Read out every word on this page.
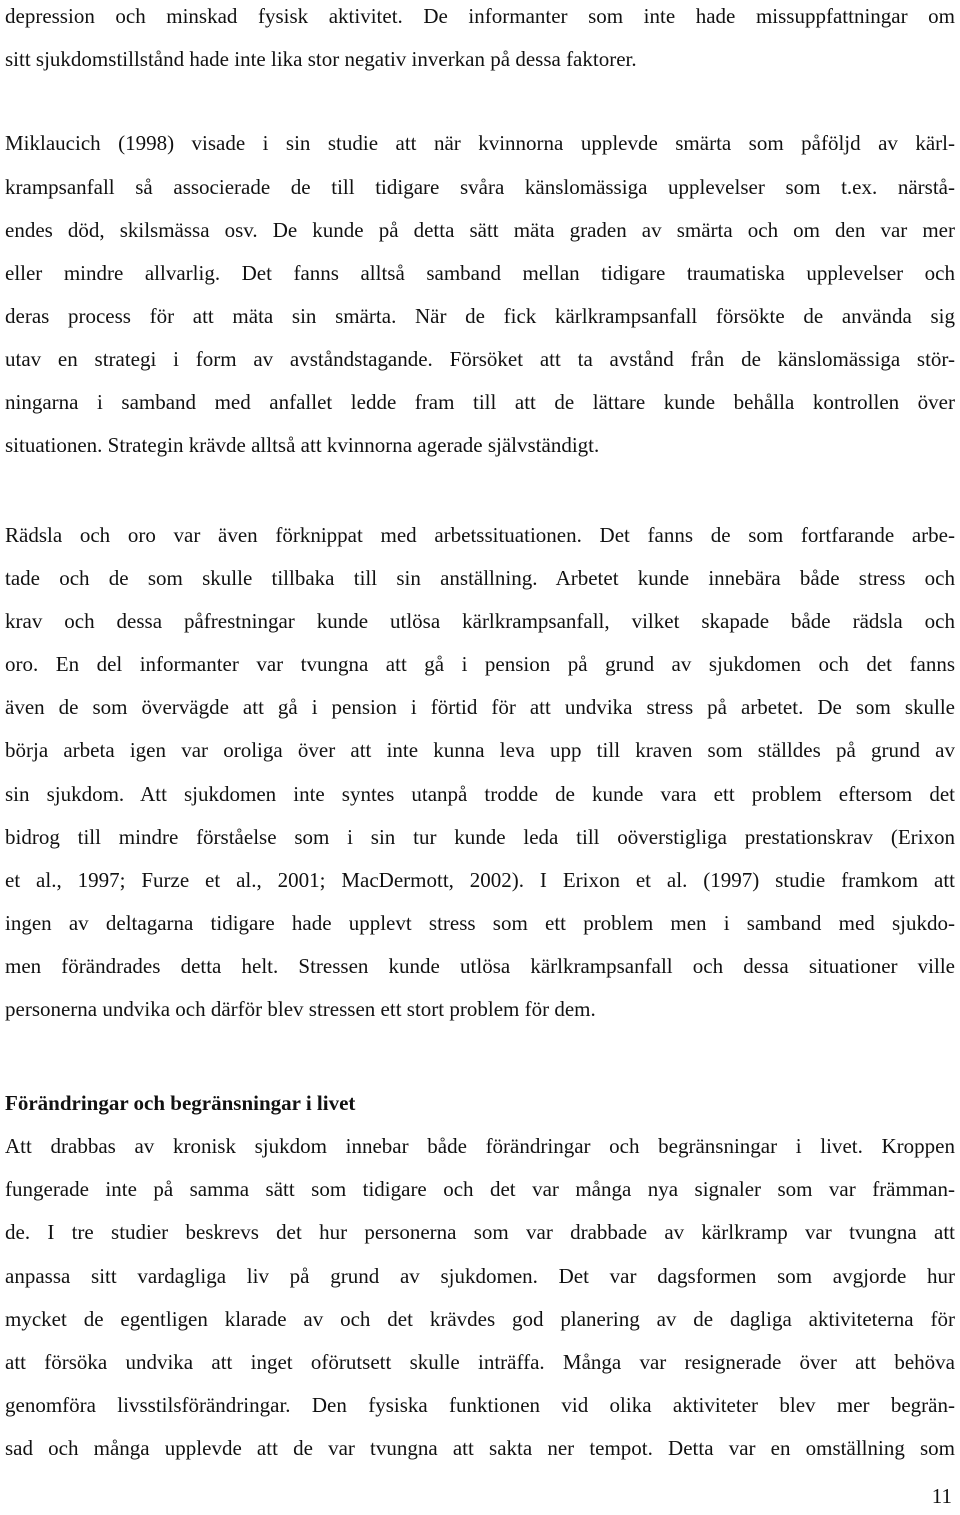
depression och minskad fysisk aktivitet. De informanter som inte hade missuppfattningar om
sitt sjukdomstillstånd hade inte lika stor negativ inverkan på dessa faktorer.
Miklaucich (1998) visade i sin studie att när kvinnorna upplevde smärta som påföljd av kärl-
krampsanfall så associerade de till tidigare svåra känslomässiga upplevelser som t.ex. närstå-
endes död, skilsmässa osv. De kunde på detta sätt mäta graden av smärta och om den var mer
eller mindre allvarlig. Det fanns alltså samband mellan tidigare traumatiska upplevelser och
deras process för att mäta sin smärta. När de fick kärlkrampsanfall försökte de använda sig
utav en strategi i form av avståndstagande. Försöket att ta avstånd från de känslomässiga stör-
ningarna i samband med anfallet ledde fram till att de lättare kunde behålla kontrollen över
situationen. Strategin krävde alltså att kvinnorna agerade självständigt.
Rädsla och oro var även förknippat med arbetssituationen. Det fanns de som fortfarande arbe-
tade och de som skulle tillbaka till sin anställning. Arbetet kunde innebära både stress och
krav och dessa påfrestningar kunde utlösa kärlkrampsanfall, vilket skapade både rädsla och
oro. En del informanter var tvungna att gå i pension på grund av sjukdomen och det fanns
även de som övervägde att gå i pension i förtid för att undvika stress på arbetet. De som skulle
börja arbeta igen var oroliga över att inte kunna leva upp till kraven som ställdes på grund av
sin sjukdom. Att sjukdomen inte syntes utanpå trodde de kunde vara ett problem eftersom det
bidrog till mindre förståelse som i sin tur kunde leda till oöverstigliga prestationskrav (Erixon
et al., 1997; Furze et al., 2001; MacDermott, 2002). I Erixon et al. (1997) studie framkom att
ingen av deltagarna tidigare hade upplevt stress som ett problem men i samband med sjukdo-
men förändrades detta helt. Stressen kunde utlösa kärlkrampsanfall och dessa situationer ville
personerna undvika och därför blev stressen ett stort problem för dem.
Förändringar och begränsningar i livet
Att drabbas av kronisk sjukdom innebar både förändringar och begränsningar i livet. Kroppen
fungerade inte på samma sätt som tidigare och det var många nya signaler som var främman-
de. I tre studier beskrevs det hur personerna som var drabbade av kärlkramp var tvungna att
anpassa sitt vardagliga liv på grund av sjukdomen. Det var dagsformen som avgjorde hur
mycket de egentligen klarade av och det krävdes god planering av de dagliga aktiviteterna för
att försöka undvika att inget oförutsett skulle inträffa. Många var resignerade över att behöva
genomföra livsstilsförändringar. Den fysiska funktionen vid olika aktiviteter blev mer begrän-
sad och många upplevde att de var tvungna att sakta ner tempot. Detta var en omställning som
11
